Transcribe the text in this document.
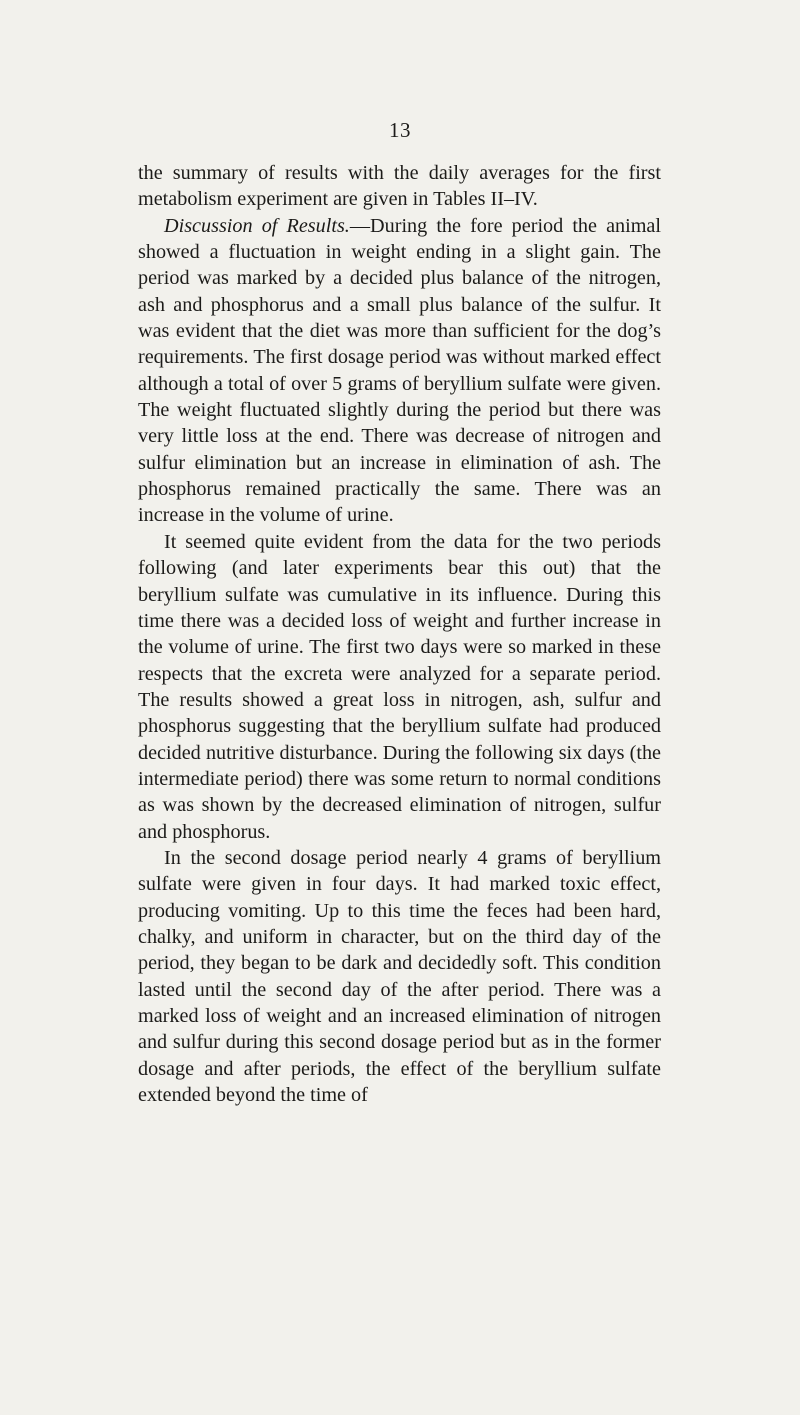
13

the summary of results with the daily averages for the first metabolism experiment are given in Tables II–IV.

Discussion of Results.—During the fore period the animal showed a fluctuation in weight ending in a slight gain. The period was marked by a decided plus balance of the nitrogen, ash and phosphorus and a small plus balance of the sulfur. It was evident that the diet was more than sufficient for the dog’s requirements. The first dosage period was without marked effect although a total of over 5 grams of beryllium sulfate were given. The weight fluctuated slightly during the period but there was very little loss at the end. There was decrease of nitrogen and sulfur elimination but an increase in elimination of ash. The phosphorus remained practically the same. There was an increase in the volume of urine.

It seemed quite evident from the data for the two periods following (and later experiments bear this out) that the beryllium sulfate was cumulative in its influence. During this time there was a decided loss of weight and further increase in the volume of urine. The first two days were so marked in these respects that the excreta were analyzed for a separate period. The results showed a great loss in nitrogen, ash, sulfur and phosphorus suggesting that the beryllium sulfate had produced decided nutritive disturbance. During the following six days (the intermediate period) there was some return to normal conditions as was shown by the decreased elimination of nitrogen, sulfur and phosphorus.

In the second dosage period nearly 4 grams of beryllium sulfate were given in four days. It had marked toxic effect, producing vomiting. Up to this time the feces had been hard, chalky, and uniform in character, but on the third day of the period, they began to be dark and decidedly soft. This condition lasted until the second day of the after period. There was a marked loss of weight and an increased elimination of nitrogen and sulfur during this second dosage period but as in the former dosage and after periods, the effect of the beryllium sulfate extended beyond the time of
